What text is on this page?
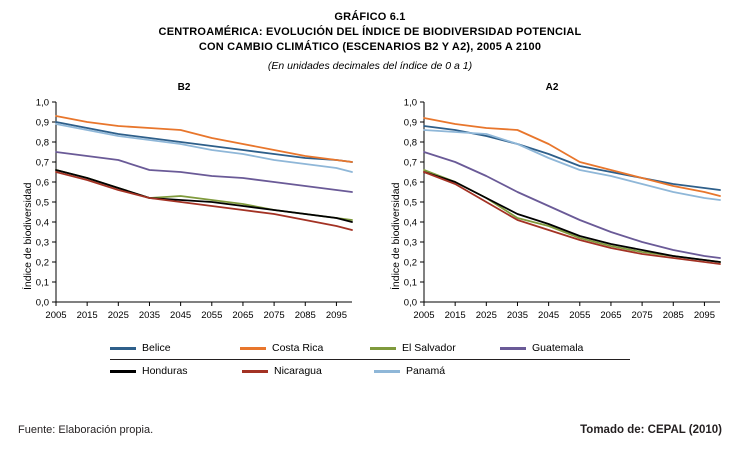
GRÁFICO 6.1
CENTROAMÉRICA: EVOLUCIÓN DEL ÍNDICE DE BIODIVERSIDAD POTENCIAL
CON CAMBIO CLIMÁTICO (ESCENARIOS B2 Y A2), 2005 A 2100
(En unidades decimales del índice de 0 a 1)
B2
Índice de biodiversidad
0,0
0,1
0,2
0,3
0,4
0,5
0,6
0,7
0,8
0,9
1,0
2005 2015 2025 2035 2045 2055 2065 2075 2085 2095
A2
Índice de biodiversidad
0,0
0,1
0,2
0,3
0,4
0,5
0,6
0,7
0,8
0,9
1,0
2005 2015 2025 2035 2045 2055 2065 2075 2085 2095
Belice	Costa Rica	El Salvador	Guatemala
Honduras	Nicaragua	Panamá
Fuente: Elaboración propia.	Tomado de: CEPAL (2010)
